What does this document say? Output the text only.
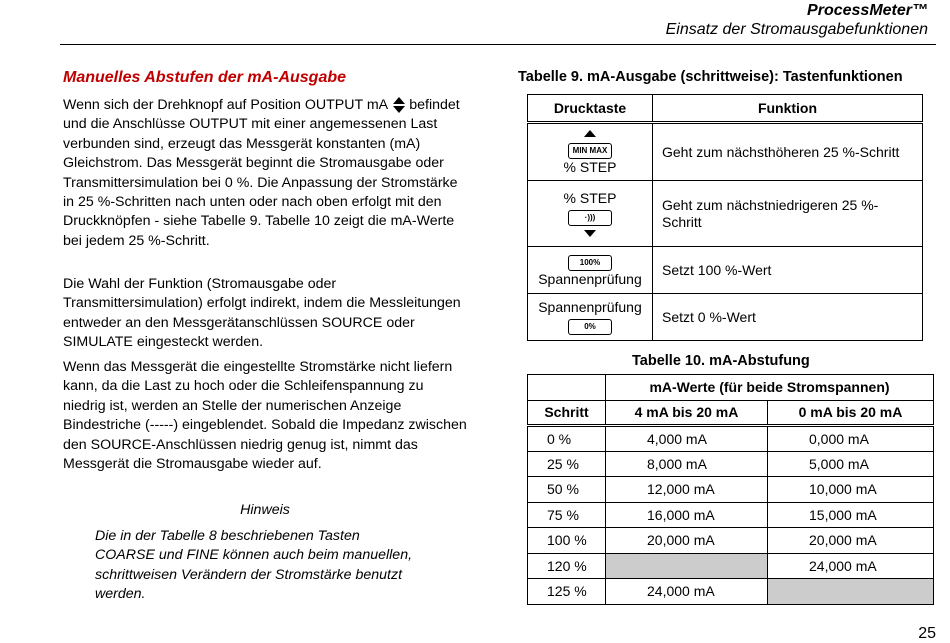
ProcessMeter™
Einsatz der Stromausgabefunktionen
Manuelles Abstufen der mA-Ausgabe

Wenn sich der Drehknopf auf Position OUTPUT mA befindet und die Anschlüsse OUTPUT mit einer angemessenen Last verbunden sind, erzeugt das Messgerät konstanten (mA) Gleichstrom. Das Messgerät beginnt die Stromausgabe oder Transmittersimulation bei 0 %. Die Anpassung der Stromstärke in 25 %-Schritten nach unten oder nach oben erfolgt mit den Druckknöpfen - siehe Tabelle 9. Tabelle 10 zeigt die mA-Werte bei jedem 25 %-Schritt.

Die Wahl der Funktion (Stromausgabe oder Transmittersimulation) erfolgt indirekt, indem die Messleitungen entweder an den Messgerätanschlüssen SOURCE oder SIMULATE eingesteckt werden.

Wenn das Messgerät die eingestellte Stromstärke nicht liefern kann, da die Last zu hoch oder die Schleifenspannung zu niedrig ist, werden an Stelle der numerischen Anzeige Bindestriche (-----) eingeblendet. Sobald die Impedanz zwischen den SOURCE-Anschlüssen niedrig genug ist, nimmt das Messgerät die Stromausgabe wieder auf.

Hinweis

Die in der Tabelle 8 beschriebenen Tasten COARSE und FINE können auch beim manuellen, schrittweisen Verändern der Stromstärke benutzt werden.

Tabelle 9. mA-Ausgabe (schrittweise): Tastenfunktionen
Drucktaste	Funktion

MIN MAX
% STEP	Geht zum nächsthöheren 25 %-Schritt

% STEP
·)))	Geht zum nächstniedrigeren 25 %-Schritt
100%
Spannenprüfung	Setzt 100 %-Wert

Spannenprüfung
0%	Setzt 0 %-Wert
Tabelle 10. mA-Abstufung
	mA-Werte (für beide Stromspannen)	
Schritt	4 mA bis 20 mA	0 mA bis 20 mA
0 %	4,000 mA	0,000 mA
25 %	8,000 mA	5,000 mA
50 %	12,000 mA	10,000 mA
75 %	16,000 mA	15,000 mA
100 %	20,000 mA	20,000 mA
120 %		24,000 mA
125 %	24,000 mA	
25
